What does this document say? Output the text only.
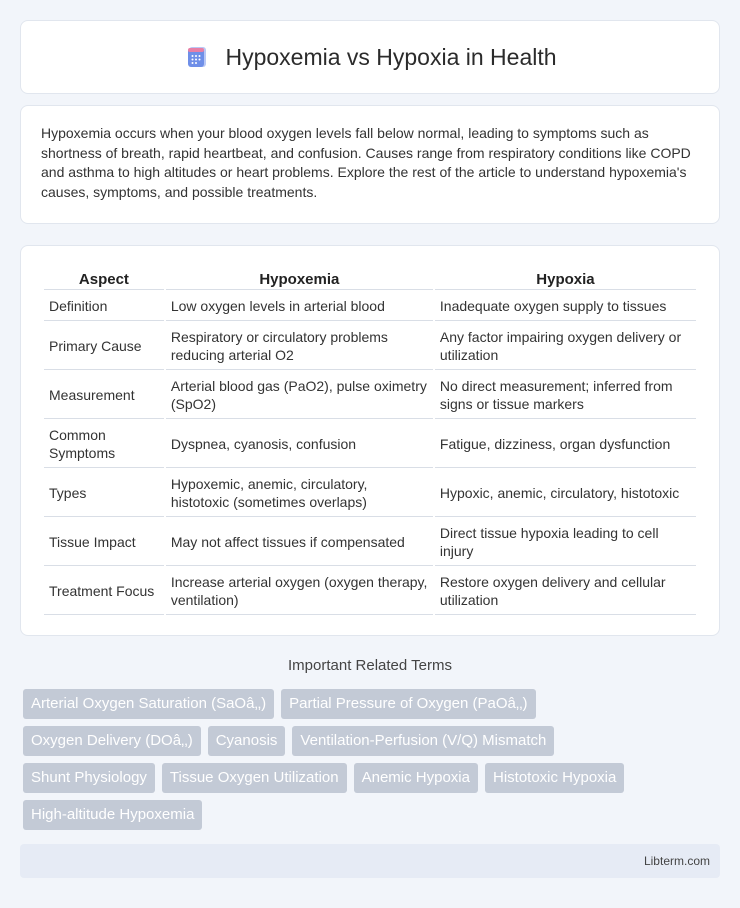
Hypoxemia vs Hypoxia in Health

Hypoxemia occurs when your blood oxygen levels fall below normal, leading to symptoms such as shortness of breath, rapid heartbeat, and confusion. Causes range from respiratory conditions like COPD and asthma to high altitudes or heart problems. Explore the rest of the article to understand hypoxemia's causes, symptoms, and possible treatments.

Aspect	Hypoxemia	Hypoxia
Definition	Low oxygen levels in arterial blood	Inadequate oxygen supply to tissues
Primary Cause	Respiratory or circulatory problems reducing arterial O2	Any factor impairing oxygen delivery or utilization
Measurement	Arterial blood gas (PaO2), pulse oximetry (SpO2)	No direct measurement; inferred from signs or tissue markers
Common Symptoms	Dyspnea, cyanosis, confusion	Fatigue, dizziness, organ dysfunction
Types	Hypoxemic, anemic, circulatory, histotoxic (sometimes overlaps)	Hypoxic, anemic, circulatory, histotoxic
Tissue Impact	May not affect tissues if compensated	Direct tissue hypoxia leading to cell injury
Treatment Focus	Increase arterial oxygen (oxygen therapy, ventilation)	Restore oxygen delivery and cellular utilization
Important Related Terms
Arterial Oxygen Saturation (SaOâ‚‚)	Partial Pressure of Oxygen (PaOâ‚‚)
Oxygen Delivery (DOâ‚‚)	Cyanosis	Ventilation-Perfusion (V/Q) Mismatch
Shunt Physiology	Tissue Oxygen Utilization	Anemic Hypoxia	Histotoxic Hypoxia
High-altitude Hypoxemia
Libterm.com
